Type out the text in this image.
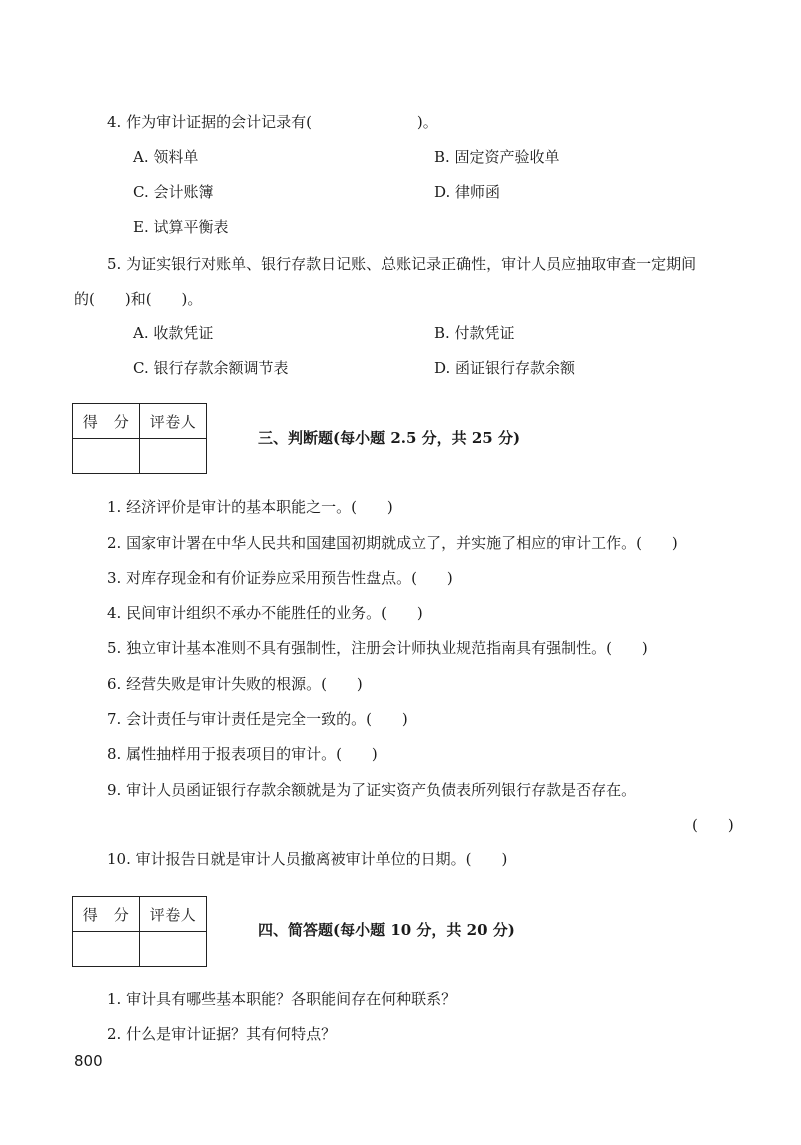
4. 作为审计证据的会计记录有(　　　　　　　)。
A. 领料单	B. 固定资产验收单
C. 会计账簿	D. 律师函
E. 试算平衡表
5. 为证实银行对账单、银行存款日记账、总账记录正确性，审计人员应抽取审查一定期间
的(　　)和(　　)。
A. 收款凭证	B. 付款凭证
C. 银行存款余额调节表	D. 函证银行存款余额
得　分	评卷人

三、判断题(每小题 2.5 分，共 25 分)
1. 经济评价是审计的基本职能之一。(　　)
2. 国家审计署在中华人民共和国建国初期就成立了，并实施了相应的审计工作。(　　)
3. 对库存现金和有价证券应采用预告性盘点。(　　)
4. 民间审计组织不承办不能胜任的业务。(　　)
5. 独立审计基本准则不具有强制性，注册会计师执业规范指南具有强制性。(　　)
6. 经营失败是审计失败的根源。(　　)
7. 会计责任与审计责任是完全一致的。(　　)
8. 属性抽样用于报表项目的审计。(　　)
9. 审计人员函证银行存款余额就是为了证实资产负债表所列银行存款是否存在。
(　　)
10. 审计报告日就是审计人员撤离被审计单位的日期。(　　)
得　分	评卷人

四、简答题(每小题 10 分，共 20 分)
1. 审计具有哪些基本职能？各职能间存在何种联系？
2. 什么是审计证据？其有何特点？
800
